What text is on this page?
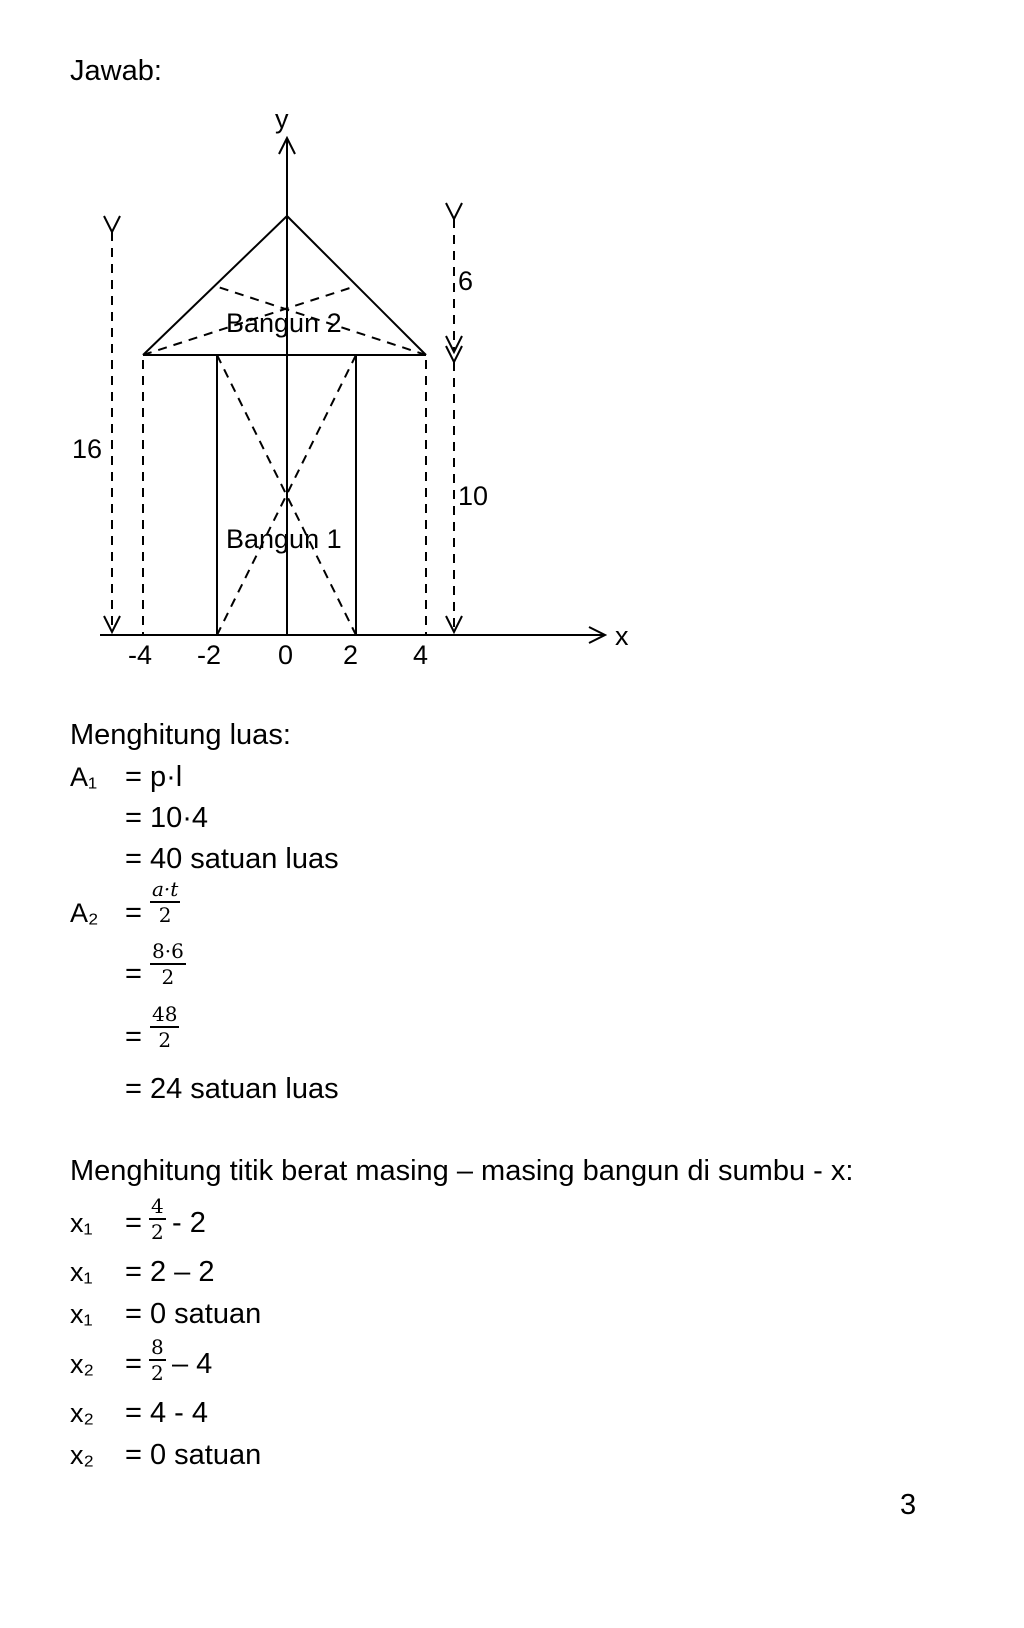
Jawab:
y
x
-4 -2 0 2 4
16
6
10
Bangun 2
Bangun 1
Menghitung luas:
A₁ = p·l
= 10·4
= 40 satuan luas
A₂ =
a·t
2
=
8·6
2
=
48
2
= 24 satuan luas
Menghitung titik berat masing – masing bangun di sumbu - x:
x₁ =
4
2 - 2
x₁ = 2 – 2
x₁ = 0 satuan
x₂ =
8
2 – 4
x₂ = 4 - 4
x₂ = 0 satuan
3
